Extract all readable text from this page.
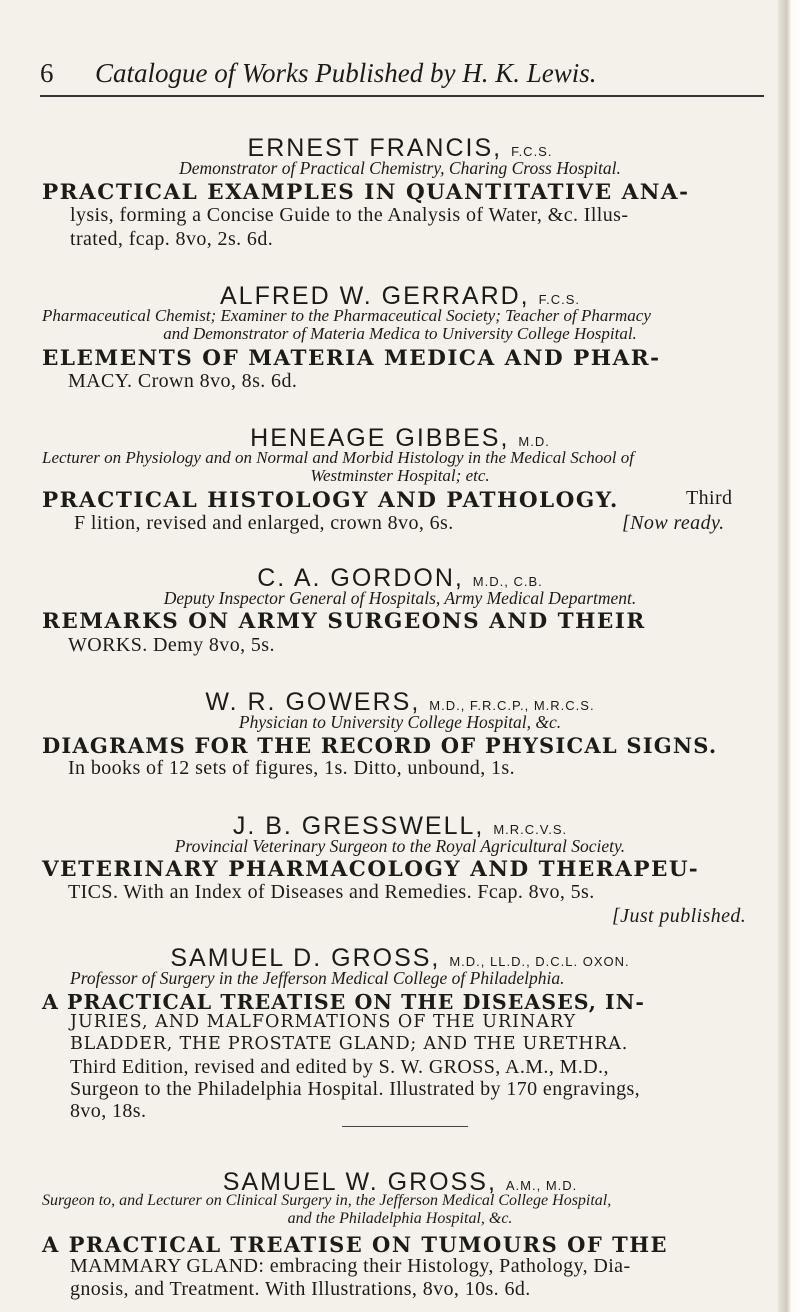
6 Catalogue of Works Published by H. K. Lewis.
ERNEST FRANCIS, F.C.S.
Demonstrator of Practical Chemistry, Charing Cross Hospital.
PRACTICAL EXAMPLES IN QUANTITATIVE ANA-
lysis, forming a Concise Guide to the Analysis of Water, &c. Illus-
trated, fcap. 8vo, 2s. 6d.
ALFRED W. GERRARD, F.C.S.
Pharmaceutical Chemist; Examiner to the Pharmaceutical Society; Teacher of Pharmacy
and Demonstrator of Materia Medica to University College Hospital.
ELEMENTS OF MATERIA MEDICA AND PHAR-
MACY. Crown 8vo, 8s. 6d.
HENEAGE GIBBES, M.D.
Lecturer on Physiology and on Normal and Morbid Histology in the Medical School of
Westminster Hospital; etc.
PRACTICAL HISTOLOGY AND PATHOLOGY.	Third
F lition, revised and enlarged, crown 8vo, 6s.	[Now ready.
C. A. GORDON, M.D., C.B.
Deputy Inspector General of Hospitals, Army Medical Department.
REMARKS ON ARMY SURGEONS AND THEIR
WORKS. Demy 8vo, 5s.
W. R. GOWERS, M.D., F.R.C.P., M.R.C.S.
Physician to University College Hospital, &c.
DIAGRAMS FOR THE RECORD OF PHYSICAL SIGNS.
In books of 12 sets of figures, 1s. Ditto, unbound, 1s.
J. B. GRESSWELL, M.R.C.V.S.
Provincial Veterinary Surgeon to the Royal Agricultural Society.
VETERINARY PHARMACOLOGY AND THERAPEU-
TICS. With an Index of Diseases and Remedies. Fcap. 8vo, 5s.
[Just published.
SAMUEL D. GROSS, M.D., LL.D., D.C.L. OXON.
Professor of Surgery in the Jefferson Medical College of Philadelphia.
A PRACTICAL TREATISE ON THE DISEASES, IN-
JURIES, AND MALFORMATIONS OF THE URINARY
BLADDER, THE PROSTATE GLAND; AND THE URETHRA.
Third Edition, revised and edited by S. W. GROSS, A.M., M.D.,
Surgeon to the Philadelphia Hospital. Illustrated by 170 engravings,
8vo, 18s.
SAMUEL W. GROSS, A.M., M.D.
Surgeon to, and Lecturer on Clinical Surgery in, the Jefferson Medical College Hospital,
and the Philadelphia Hospital, &c.
A PRACTICAL TREATISE ON TUMOURS OF THE
MAMMARY GLAND: embracing their Histology, Pathology, Dia-
gnosis, and Treatment. With Illustrations, 8vo, 10s. 6d.
